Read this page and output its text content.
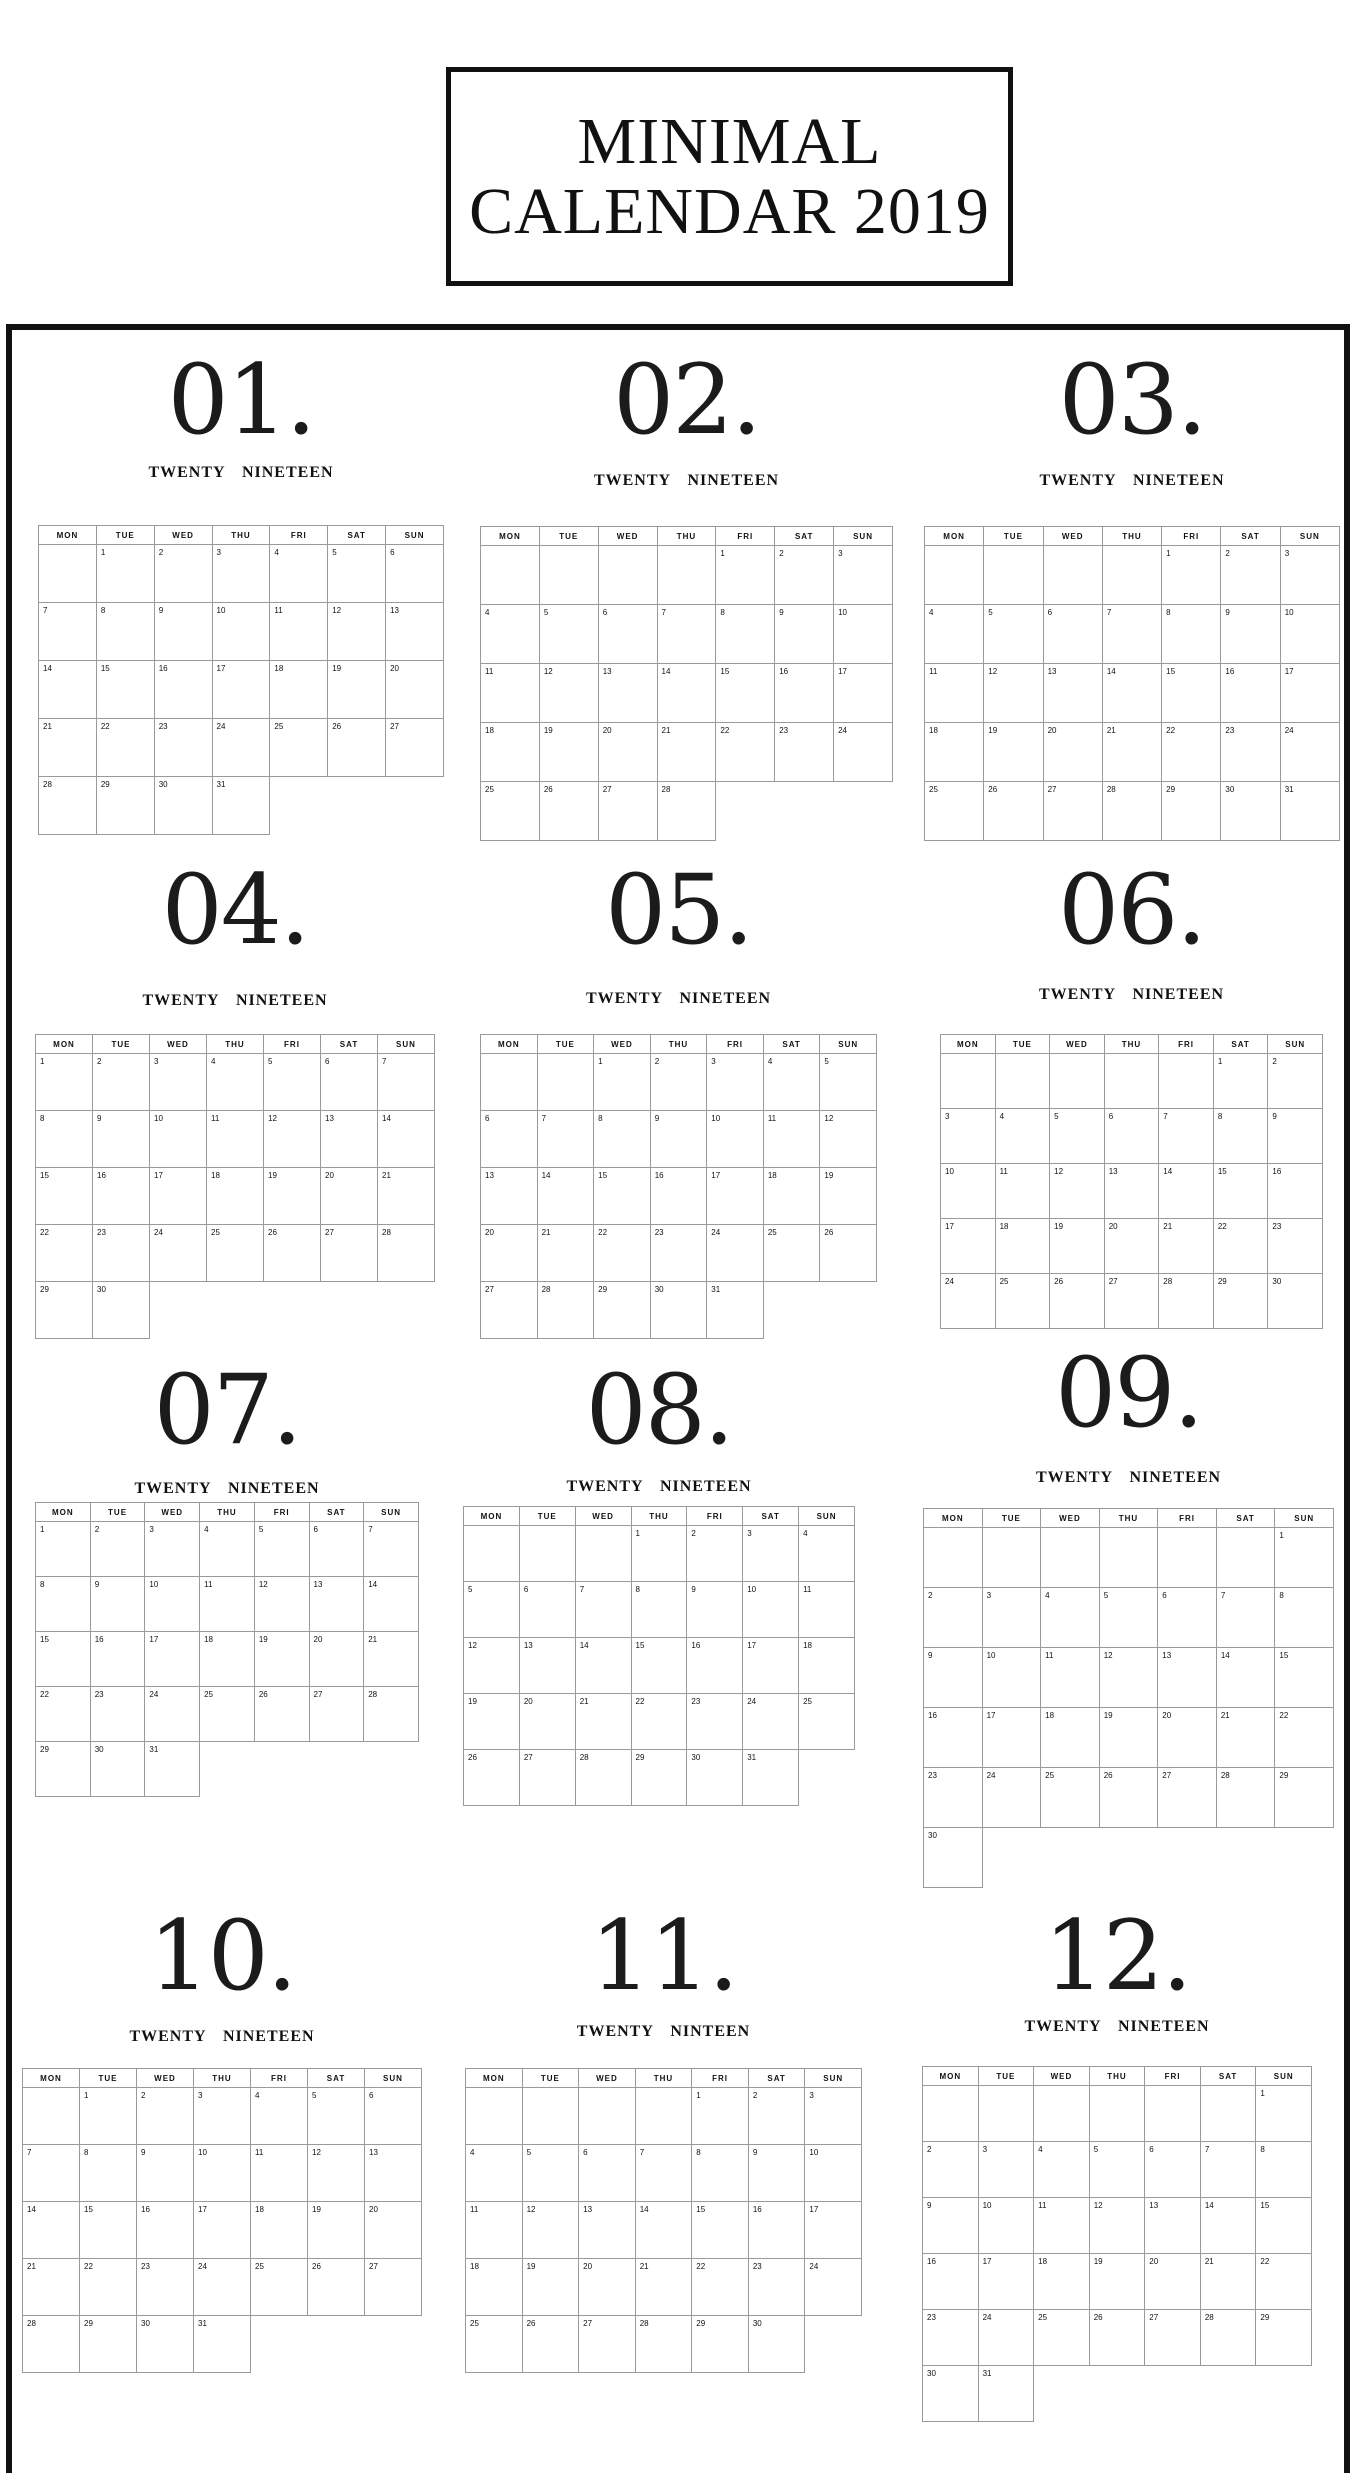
MINIMAL
CALENDAR 2019
01.
TWENTY NINETEEN
MON	TUE	WED	THU	FRI	SAT	SUN
	1	2	3	4	5	6
7	8	9	10	11	12	13
14	15	16	17	18	19	20
21	22	23	24	25	26	27
28	29	30	31			
02.
TWENTY NINETEEN
MON	TUE	WED	THU	FRI	SAT	SUN
				1	2	3
4	5	6	7	8	9	10
11	12	13	14	15	16	17
18	19	20	21	22	23	24
25	26	27	28			
03.
TWENTY NINETEEN
MON	TUE	WED	THU	FRI	SAT	SUN
				1	2	3
4	5	6	7	8	9	10
11	12	13	14	15	16	17
18	19	20	21	22	23	24
25	26	27	28	29	30	31
04.
TWENTY NINETEEN
MON	TUE	WED	THU	FRI	SAT	SUN
1	2	3	4	5	6	7
8	9	10	11	12	13	14
15	16	17	18	19	20	21
22	23	24	25	26	27	28
29	30					
05.
TWENTY NINETEEN
MON	TUE	WED	THU	FRI	SAT	SUN
		1	2	3	4	5
6	7	8	9	10	11	12
13	14	15	16	17	18	19
20	21	22	23	24	25	26
27	28	29	30	31		
06.
TWENTY NINETEEN
MON	TUE	WED	THU	FRI	SAT	SUN
					1	2
3	4	5	6	7	8	9
10	11	12	13	14	15	16
17	18	19	20	21	22	23
24	25	26	27	28	29	30
07.
TWENTY NINETEEN
MON	TUE	WED	THU	FRI	SAT	SUN
1	2	3	4	5	6	7
8	9	10	11	12	13	14
15	16	17	18	19	20	21
22	23	24	25	26	27	28
29	30	31				
08.
TWENTY NINETEEN
MON	TUE	WED	THU	FRI	SAT	SUN
			1	2	3	4
5	6	7	8	9	10	11
12	13	14	15	16	17	18
19	20	21	22	23	24	25
26	27	28	29	30	31	
09.
TWENTY NINETEEN
MON	TUE	WED	THU	FRI	SAT	SUN
						1
2	3	4	5	6	7	8
9	10	11	12	13	14	15
16	17	18	19	20	21	22
23	24	25	26	27	28	29
30						
10.
TWENTY NINETEEN
MON	TUE	WED	THU	FRI	SAT	SUN
	1	2	3	4	5	6
7	8	9	10	11	12	13
14	15	16	17	18	19	20
21	22	23	24	25	26	27
28	29	30	31			
11.
TWENTY NINTEEN
MON	TUE	WED	THU	FRI	SAT	SUN
				1	2	3
4	5	6	7	8	9	10
11	12	13	14	15	16	17
18	19	20	21	22	23	24
25	26	27	28	29	30	
12.
TWENTY NINETEEN
MON	TUE	WED	THU	FRI	SAT	SUN
						1
2	3	4	5	6	7	8
9	10	11	12	13	14	15
16	17	18	19	20	21	22
23	24	25	26	27	28	29
30	31					
